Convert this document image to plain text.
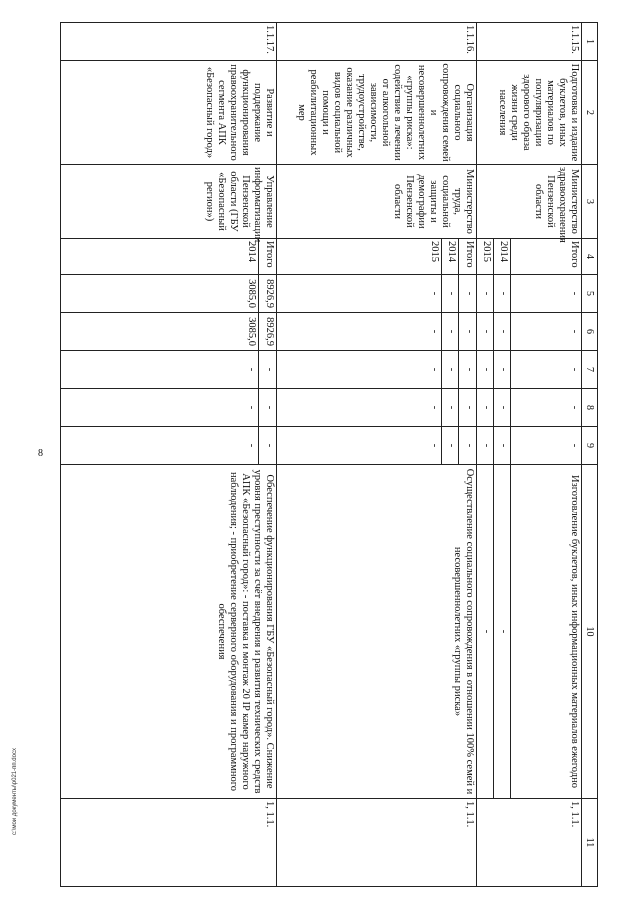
8
c:\мои документы\р021-пп.docx
1	2	3	4	5	6	7	8	9	10	11
1.1.15.	Подготовка и издание буклетов, иных материалов по популяризации здорового образа жизни среди населения	Министерство здравоохранения Пензенской области	Итого	-	-	-	-	-	Изготовление буклетов, иных информационных материалов ежегодно	1, 1.1.
			2014	-	-	-	-	-	-	
			2015	-	-	-	-	-	-	
1.1.16.	Организация социального сопровождения семей и несовершеннолетних «группы риска»: содействие в лечении от алкогольной зависимости, трудоустройстве, оказание различных видов социальной помощи и реабилитационных мер	Министерство труда, социальной защиты и демографии Пензенской области	Итого	-	-	-	-	-	Осуществление социального сопровождения в отношении 100% семей и несовершеннолетних «группы риска»	1, 1.1.
			2014	-	-	-	-	-		
			2015	-	-	-	-	-		
1.1.17.	Развитие и поддержание функционирования правоохранительного сегмента АПК «Безопасный город»	Управление информатизации Пензенской области (ГБУ «Безопасный регион»)	Итого	8926,9	8926,9	-	-	-	Обеспечение функционирования ГБУ «Безопасный город». Снижение уровня преступности за счёт внедрения и развития технических средств АПК «Безопасный город»: - поставка и монтаж 20 IP камер наружного наблюдения; - приобретение серверного оборудования и программного обеспечения	1, 1.1.
			2014	3085,0	3085,0	-	-	-		
